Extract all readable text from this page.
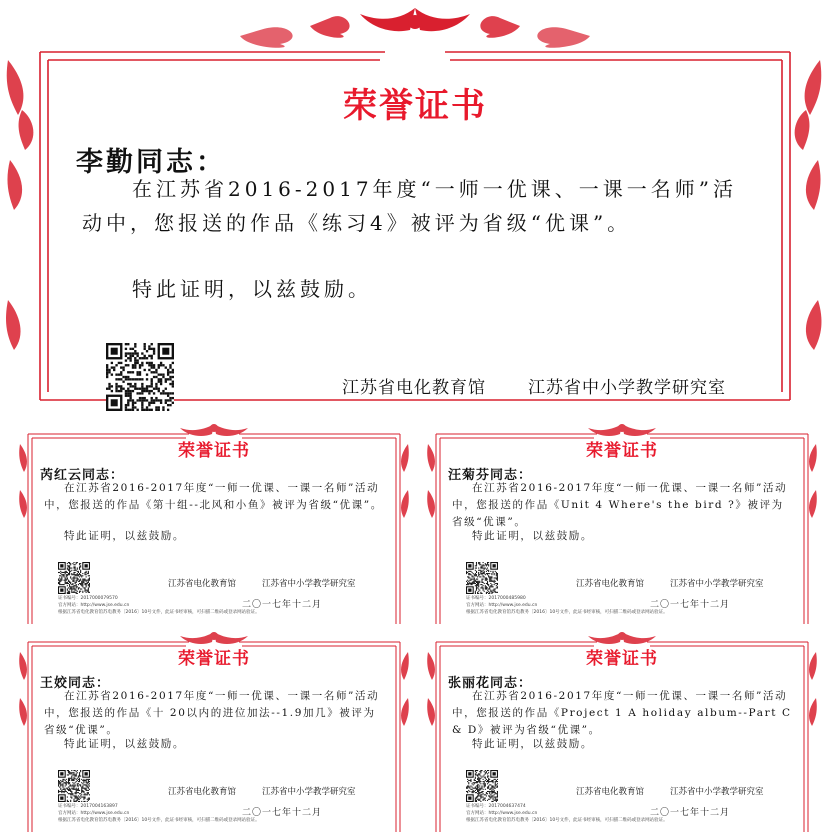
荣誉证书
李勤同志：
在江苏省2016-2017年度“一师一优课、一课一名师”活动中，您报送的作品《练习4》被评为省级“优课”。
特此证明，以兹鼓励。
江苏省电化教育馆 江苏省中小学教学研究室
荣誉证书
芮红云同志：
在江苏省2016-2017年度“一师一优课、一课一名师”活动中，您报送的作品《第十组--北风和小鱼》被评为省级“优课”。
特此证明，以兹鼓励。
江苏省电化教育馆	江苏省中小学教学研究室
二〇一七年十二月
证书编号：2017000079570
官方网站：http://www.jse.edu.cn
根据江苏省电化教育馆苏电教务〔2016〕10号文件，此证书经审核，可扫描二维码或登录网站验证。
荣誉证书
汪菊芬同志：
在江苏省2016-2017年度“一师一优课、一课一名师”活动中，您报送的作品《Unit 4 Where's the bird ?》被评为省级“优课”。
特此证明，以兹鼓励。
江苏省电化教育馆	江苏省中小学教学研究室
二〇一七年十二月
证书编号：2017000485980
官方网站：http://www.jse.edu.cn
根据江苏省电化教育馆苏电教务〔2016〕10号文件，此证书经审核，可扫描二维码或登录网站验证。
荣誉证书
王姣同志：
在江苏省2016-2017年度“一师一优课、一课一名师”活动中，您报送的作品《十 20以内的进位加法--1.9加几》被评为省级“优课”。
特此证明，以兹鼓励。
江苏省电化教育馆	江苏省中小学教学研究室
二〇一七年十二月
证书编号：2017004163897
官方网站：http://www.jse.edu.cn
根据江苏省电化教育馆苏电教务〔2016〕10号文件，此证书经审核，可扫描二维码或登录网站验证。
荣誉证书
张丽花同志：
在江苏省2016-2017年度“一师一优课、一课一名师”活动中，您报送的作品《Project 1 A holiday album--Part C & D》被评为省级“优课”。
特此证明，以兹鼓励。
江苏省电化教育馆	江苏省中小学教学研究室
二〇一七年十二月
证书编号：2017004637474
官方网站：http://www.jse.edu.cn
根据江苏省电化教育馆苏电教务〔2016〕10号文件，此证书经审核，可扫描二维码或登录网站验证。
